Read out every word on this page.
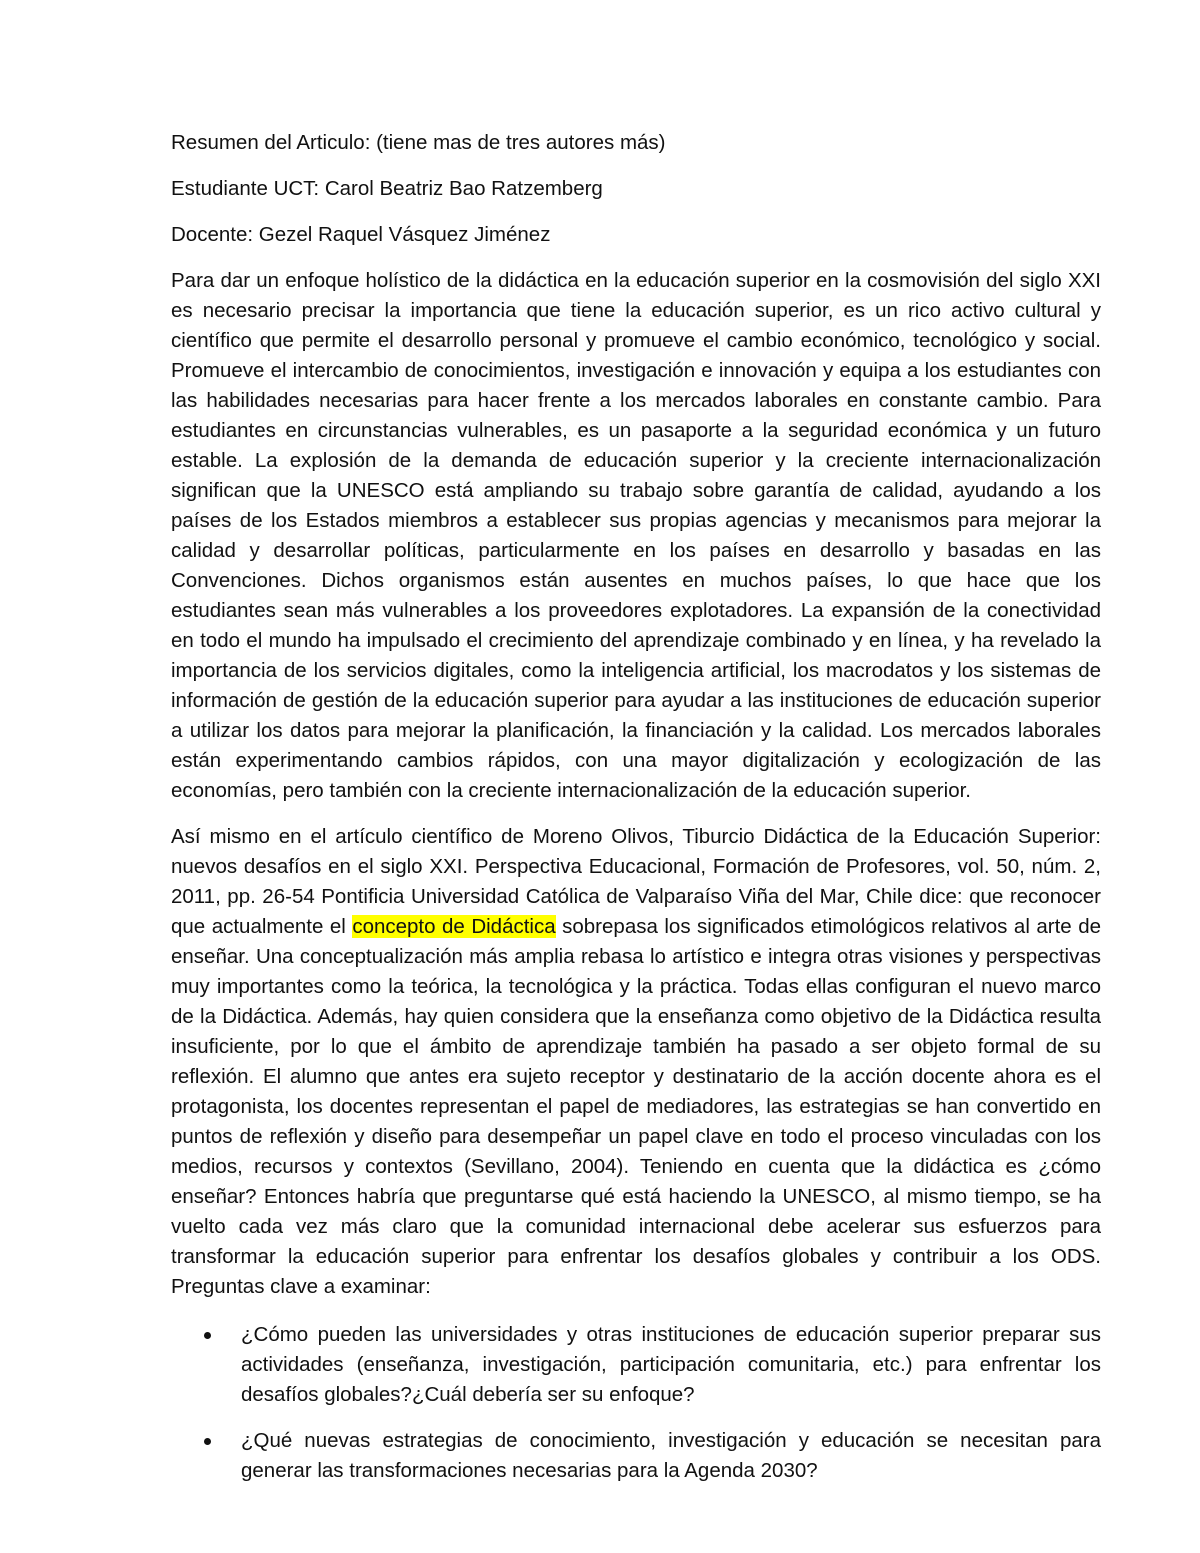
Resumen del Articulo: (tiene mas de tres autores más)

Estudiante UCT: Carol Beatriz Bao Ratzemberg

Docente: Gezel Raquel Vásquez Jiménez

Para dar un enfoque holístico de la didáctica en la educación superior en la cosmovisión del siglo XXI es necesario precisar la importancia que tiene la educación superior, es un rico activo cultural y científico que permite el desarrollo personal y promueve el cambio económico, tecnológico y social. Promueve el intercambio de conocimientos, investigación e innovación y equipa a los estudiantes con las habilidades necesarias para hacer frente a los mercados laborales en constante cambio. Para estudiantes en circunstancias vulnerables, es un pasaporte a la seguridad económica y un futuro estable. La explosión de la demanda de educación superior y la creciente internacionalización significan que la UNESCO está ampliando su trabajo sobre garantía de calidad, ayudando a los países de los Estados miembros a establecer sus propias agencias y mecanismos para mejorar la calidad y desarrollar políticas, particularmente en los países en desarrollo y basadas en las Convenciones. Dichos organismos están ausentes en muchos países, lo que hace que los estudiantes sean más vulnerables a los proveedores explotadores. La expansión de la conectividad en todo el mundo ha impulsado el crecimiento del aprendizaje combinado y en línea, y ha revelado la importancia de los servicios digitales, como la inteligencia artificial, los macrodatos y los sistemas de información de gestión de la educación superior para ayudar a las instituciones de educación superior a utilizar los datos para mejorar la planificación, la financiación y la calidad. Los mercados laborales están experimentando cambios rápidos, con una mayor digitalización y ecologización de las economías, pero también con la creciente internacionalización de la educación superior.

Así mismo en el artículo científico de Moreno Olivos, Tiburcio Didáctica de la Educación Superior: nuevos desafíos en el siglo XXI. Perspectiva Educacional, Formación de Profesores, vol. 50, núm. 2, 2011, pp. 26-54 Pontificia Universidad Católica de Valparaíso Viña del Mar, Chile dice: que reconocer que actualmente el concepto de Didáctica sobrepasa los significados etimológicos relativos al arte de enseñar. Una conceptualización más amplia rebasa lo artístico e integra otras visiones y perspectivas muy importantes como la teórica, la tecnológica y la práctica. Todas ellas configuran el nuevo marco de la Didáctica. Además, hay quien considera que la enseñanza como objetivo de la Didáctica resulta insuficiente, por lo que el ámbito de aprendizaje también ha pasado a ser objeto formal de su reflexión. El alumno que antes era sujeto receptor y destinatario de la acción docente ahora es el protagonista, los docentes representan el papel de mediadores, las estrategias se han convertido en puntos de reflexión y diseño para desempeñar un papel clave en todo el proceso vinculadas con los medios, recursos y contextos (Sevillano, 2004). Teniendo en cuenta que la didáctica es ¿cómo enseñar? Entonces habría que preguntarse qué está haciendo la UNESCO, al mismo tiempo, se ha vuelto cada vez más claro que la comunidad internacional debe acelerar sus esfuerzos para transformar la educación superior para enfrentar los desafíos globales y contribuir a los ODS. Preguntas clave a examinar:

¿Cómo pueden las universidades y otras instituciones de educación superior preparar sus actividades (enseñanza, investigación, participación comunitaria, etc.) para enfrentar los desafíos globales?¿Cuál debería ser su enfoque?
¿Qué nuevas estrategias de conocimiento, investigación y educación se necesitan para generar las transformaciones necesarias para la Agenda 2030?
